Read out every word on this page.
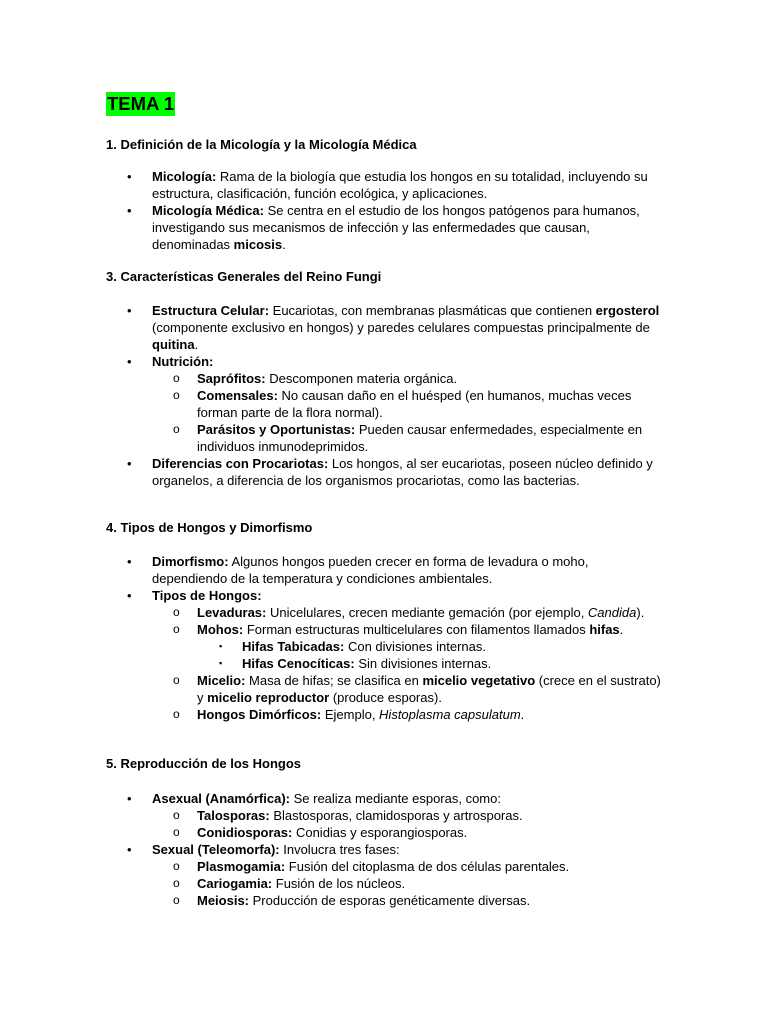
TEMA 1
1. Definición de la Micología y la Micología Médica
• Micología: Rama de la biología que estudia los hongos en su totalidad, incluyendo su estructura, clasificación, función ecológica, y aplicaciones.
• Micología Médica: Se centra en el estudio de los hongos patógenos para humanos, investigando sus mecanismos de infección y las enfermedades que causan, denominadas micosis.
3. Características Generales del Reino Fungi
• Estructura Celular: Eucariotas, con membranas plasmáticas que contienen ergosterol (componente exclusivo en hongos) y paredes celulares compuestas principalmente de quitina.
• Nutrición:
o Saprófitos: Descomponen materia orgánica.
o Comensales: No causan daño en el huésped (en humanos, muchas veces forman parte de la flora normal).
o Parásitos y Oportunistas: Pueden causar enfermedades, especialmente en individuos inmunodeprimidos.
• Diferencias con Procariotas: Los hongos, al ser eucariotas, poseen núcleo definido y organelos, a diferencia de los organismos procariotas, como las bacterias.
4. Tipos de Hongos y Dimorfismo
• Dimorfismo: Algunos hongos pueden crecer en forma de levadura o moho, dependiendo de la temperatura y condiciones ambientales.
• Tipos de Hongos:
o Levaduras: Unicelulares, crecen mediante gemación (por ejemplo, Candida).
o Mohos: Forman estructuras multicelulares con filamentos llamados hifas.
▪ Hifas Tabicadas: Con divisiones internas.
▪ Hifas Cenocíticas: Sin divisiones internas.
o Micelio: Masa de hifas; se clasifica en micelio vegetativo (crece en el sustrato) y micelio reproductor (produce esporas).
o Hongos Dimórficos: Ejemplo, Histoplasma capsulatum.
5. Reproducción de los Hongos
• Asexual (Anamórfica): Se realiza mediante esporas, como:
o Talosporas: Blastosporas, clamidosporas y artrosporas.
o Conidiosporas: Conidias y esporangiosporas.
• Sexual (Teleomorfa): Involucra tres fases:
o Plasmogamia: Fusión del citoplasma de dos células parentales.
o Cariogamia: Fusión de los núcleos.
o Meiosis: Producción de esporas genéticamente diversas.
